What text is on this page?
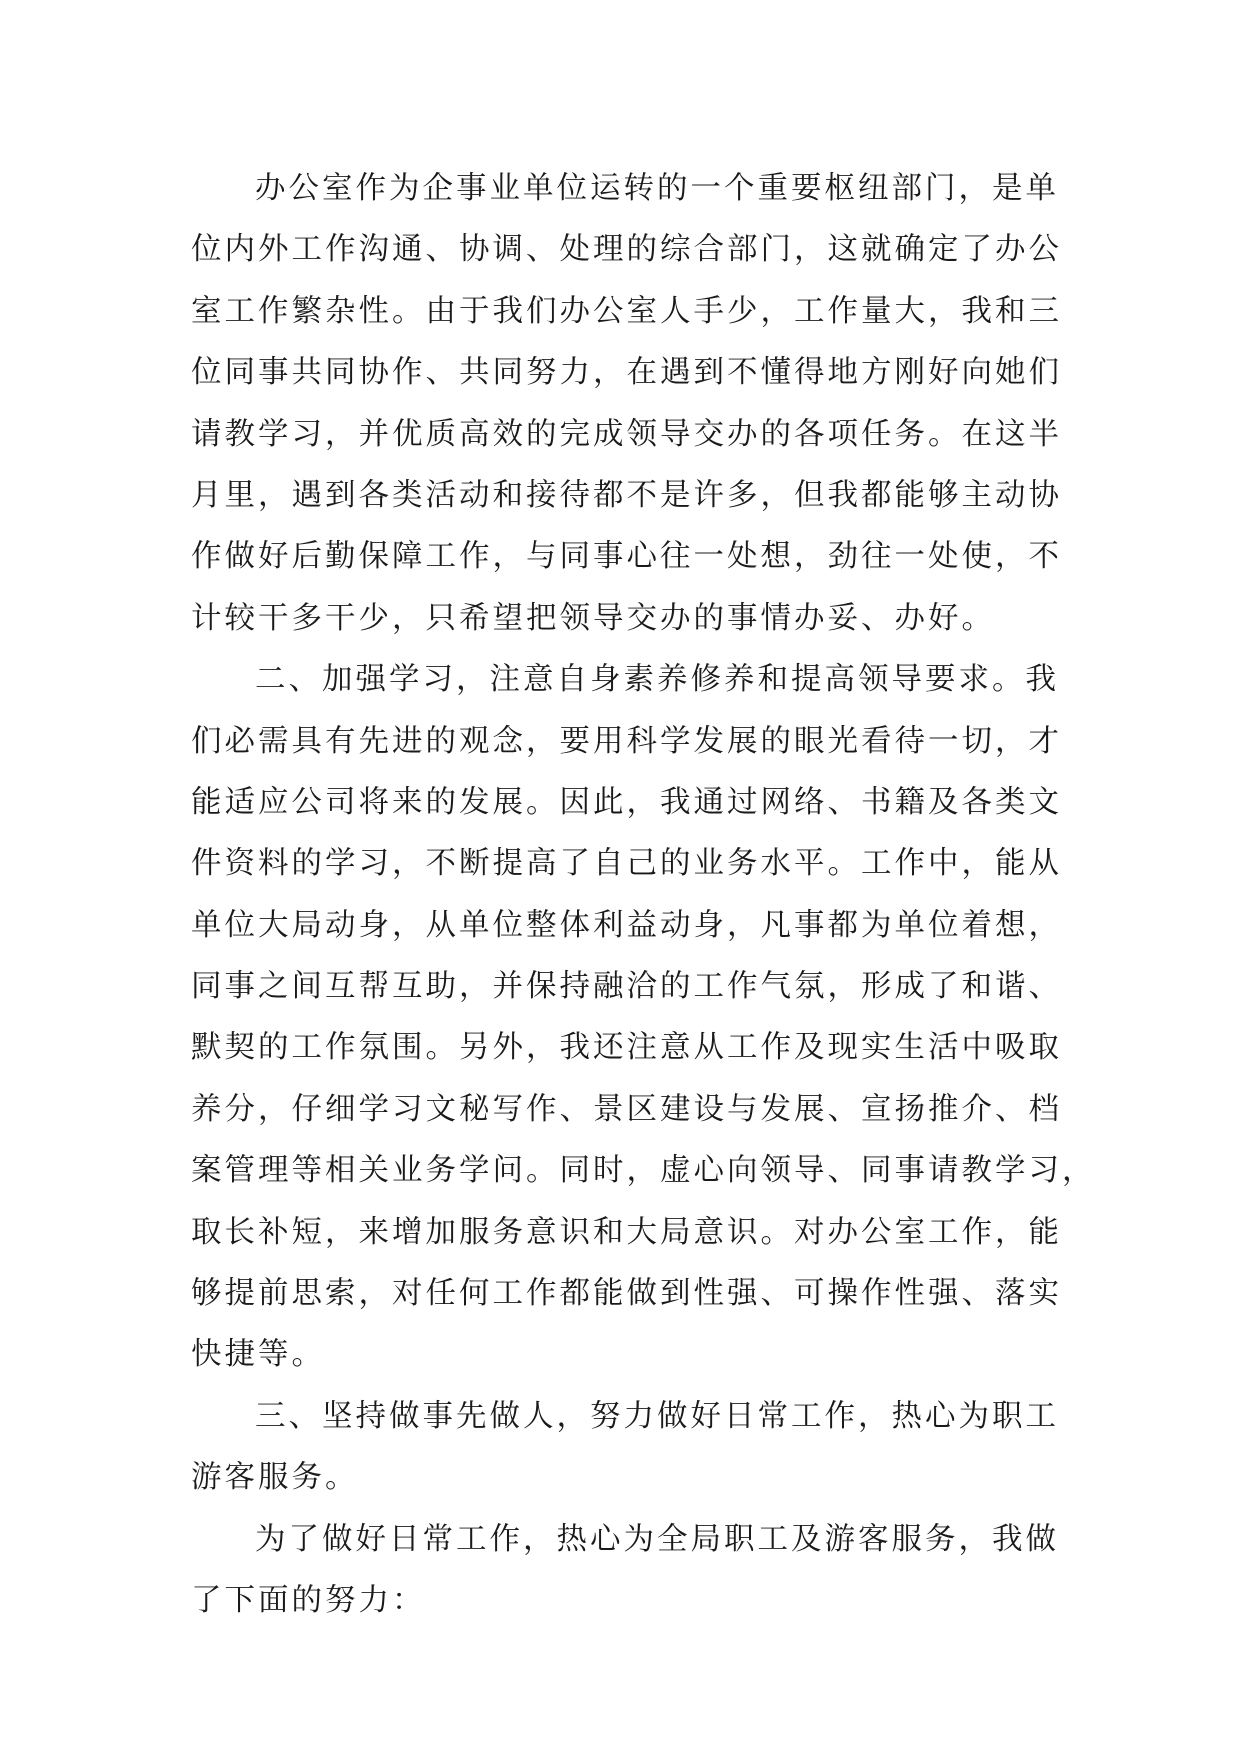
办公室作为企事业单位运转的一个重要枢纽部门，是单
位内外工作沟通、协调、处理的综合部门，这就确定了办公
室工作繁杂性。由于我们办公室人手少，工作量大，我和三
位同事共同协作、共同努力，在遇到不懂得地方刚好向她们
请教学习，并优质高效的完成领导交办的各项任务。在这半
月里，遇到各类活动和接待都不是许多，但我都能够主动协
作做好后勤保障工作，与同事心往一处想，劲往一处使，不
计较干多干少，只希望把领导交办的事情办妥、办好。
二、加强学习，注意自身素养修养和提高领导要求。我
们必需具有先进的观念，要用科学发展的眼光看待一切，才
能适应公司将来的发展。因此，我通过网络、书籍及各类文
件资料的学习，不断提高了自己的业务水平。工作中，能从
单位大局动身，从单位整体利益动身，凡事都为单位着想，
同事之间互帮互助，并保持融洽的工作气氛，形成了和谐、
默契的工作氛围。另外，我还注意从工作及现实生活中吸取
养分，仔细学习文秘写作、景区建设与发展、宣扬推介、档
案管理等相关业务学问。同时，虚心向领导、同事请教学习，
取长补短，来增加服务意识和大局意识。对办公室工作，能
够提前思索，对任何工作都能做到性强、可操作性强、落实
快捷等。
三、坚持做事先做人，努力做好日常工作，热心为职工
游客服务。
为了做好日常工作，热心为全局职工及游客服务，我做
了下面的努力：
